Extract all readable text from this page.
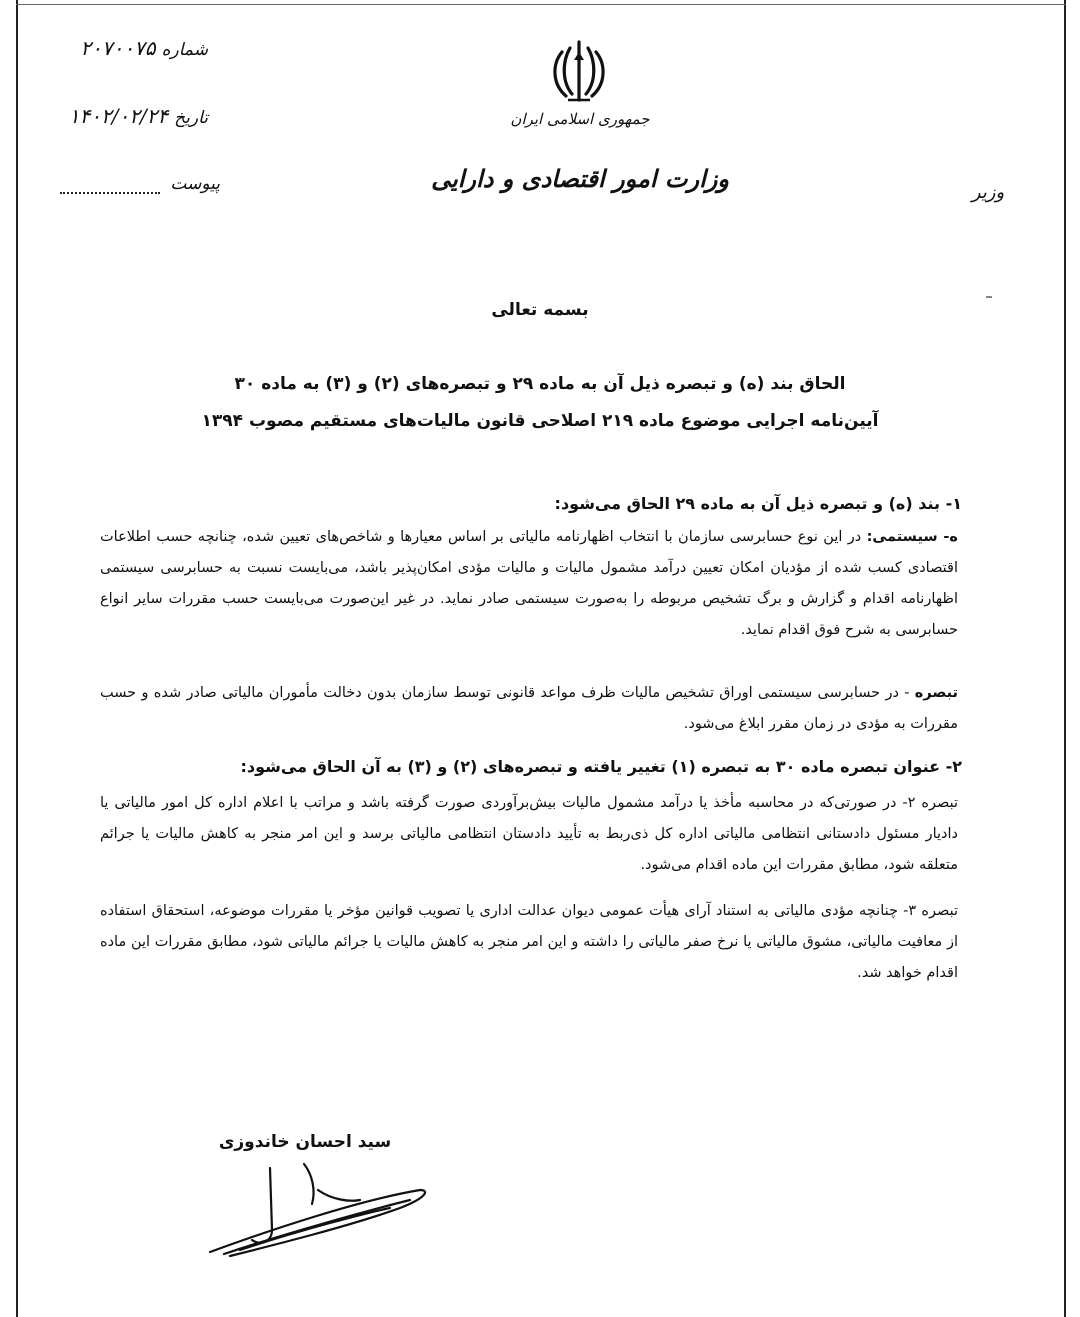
شماره۲۰۷۰۰۷۵
تاریخ۱۴۰۲/۰۲/۲۴
پیوست
جمهوری اسلامی ایران
وزارت امور اقتصادی و دارایی	وزیر
بسمه تعالی
الحاق بند (ه) و تبصره ذیل آن به ماده ۲۹ و تبصره‌های (۲) و (۳) به ماده ۳۰
آیین‌نامه اجرایی موضوع ماده ۲۱۹ اصلاحی قانون مالیات‌های مستقیم مصوب ۱۳۹۴
۱- بند (ه) و تبصره ذیل آن به ماده ۲۹ الحاق می‌شود:
ه- سیستمی: در این نوع حسابرسی سازمان با انتخاب اظهارنامه مالیاتی بر اساس معیارها و شاخص‌های تعیین شده، چنانچه حسب اطلاعات اقتصادی کسب شده از مؤدیان امکان تعیین درآمد مشمول مالیات و مالیات مؤدی امکان‌پذیر باشد، می‌بایست نسبت به حسابرسی سیستمی اظهارنامه اقدام و گزارش و برگ تشخیص مربوطه را به‌صورت سیستمی صادر نماید. در غیر این‌صورت می‌بایست حسب مقررات سایر انواع حسابرسی به شرح فوق اقدام نماید.
تبصره - در حسابرسی سیستمی اوراق تشخیص مالیات ظرف مواعد قانونی توسط سازمان بدون دخالت مأموران مالیاتی صادر شده و حسب مقررات به مؤدی در زمان مقرر ابلاغ می‌شود.
۲- عنوان تبصره ماده ۳۰ به تبصره (۱) تغییر یافته و تبصره‌های (۲) و (۳) به آن الحاق می‌شود:
تبصره ۲- در صورتی‌که در محاسبه مأخذ یا درآمد مشمول مالیات بیش‌برآوردی صورت گرفته باشد و مراتب با اعلام اداره کل امور مالیاتی یا دادیار مسئول دادستانی انتظامی مالیاتی اداره کل ذی‌ربط به تأیید دادستان انتظامی مالیاتی برسد و این امر منجر به کاهش مالیات یا جرائم متعلقه شود، مطابق مقررات این ماده اقدام می‌شود.
تبصره ۳- چنانچه مؤدی مالیاتی به استناد آرای هیأت عمومی دیوان عدالت اداری یا تصویب قوانین مؤخر یا مقررات موضوعه، استحقاق استفاده از معافیت مالیاتی، مشوق مالیاتی یا نرخ صفر مالیاتی را داشته و این امر منجر به کاهش مالیات یا جرائم مالیاتی شود، مطابق مقررات این ماده اقدام خواهد شد.
سید احسان خاندوزی
